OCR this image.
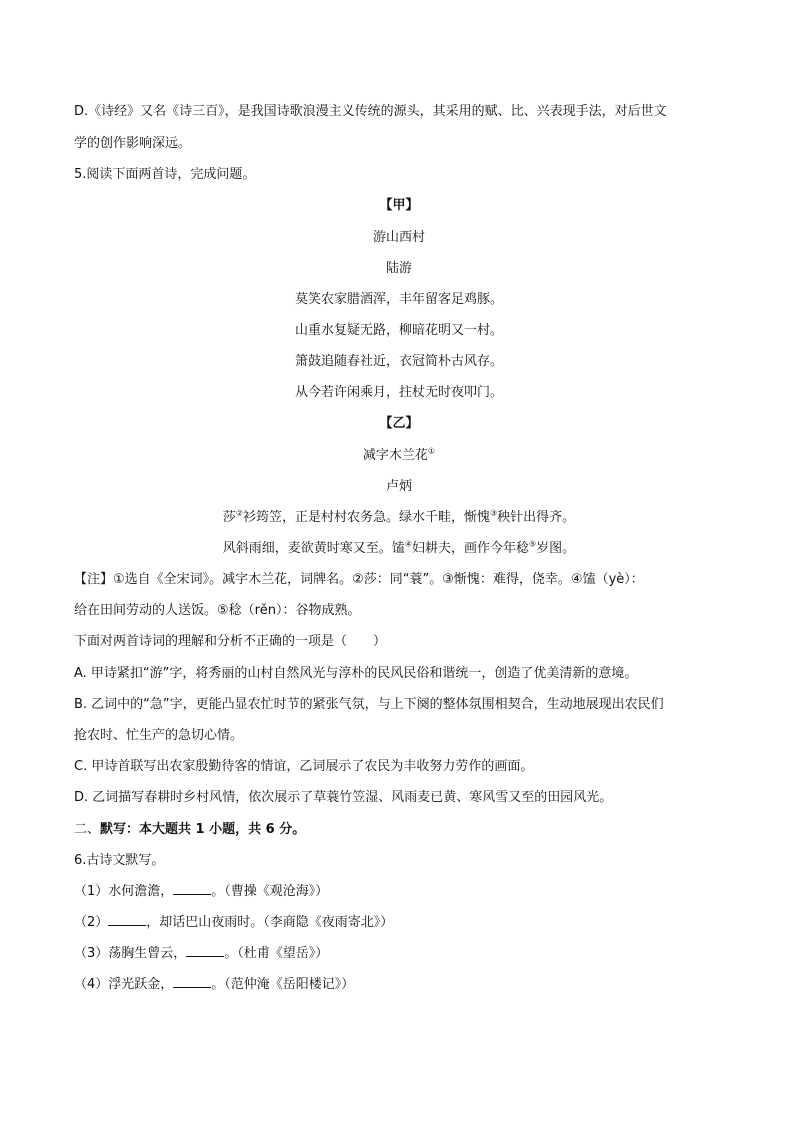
D.《诗经》又名《诗三百》，是我国诗歌浪漫主义传统的源头，其采用的赋、比、兴表现手法，对后世文
学的创作影响深远。
5.阅读下面两首诗，完成问题。
【甲】
游山西村
陆游
莫笑农家腊酒浑，丰年留客足鸡豚。
山重水复疑无路，柳暗花明又一村。
箫鼓追随春社近，衣冠简朴古风存。
从今若许闲乘月，拄杖无时夜叩门。
【乙】
减字木兰花①
卢炳
莎②衫筠笠，正是村村农务急。绿水千畦，惭愧③秧针出得齐。
风斜雨细，麦欲黄时寒又至。馌④妇耕夫，画作今年稔⑤岁图。
【注】①选自《全宋词》。减字木兰花，词牌名。②莎：同“蓑”。③惭愧：难得，侥幸。④馌（yè）：
给在田间劳动的人送饭。⑤稔（rěn）：谷物成熟。
下面对两首诗词的理解和分析不正确的一项是（　　）
A. 甲诗紧扣“游”字，将秀丽的山村自然风光与淳朴的民风民俗和谐统一，创造了优美清新的意境。
B. 乙词中的“急”字，更能凸显农忙时节的紧张气氛，与上下阕的整体氛围相契合，生动地展现出农民们
抢农时、忙生产的急切心情。
C. 甲诗首联写出农家殷勤待客的情谊，乙词展示了农民为丰收努力劳作的画面。
D. 乙词描写春耕时乡村风情，依次展示了草蓑竹笠湿、风雨麦已黄、寒风雪又至的田园风光。
二、默写：本大题共 1 小题，共 6 分。
6.古诗文默写。
（1）水何澹澹，	。（曹操《观沧海》）
（2）	，却话巴山夜雨时。（李商隐《夜雨寄北》）
（3）荡胸生曾云，	。（杜甫《望岳》）
（4）浮光跃金，	。（范仲淹《岳阳楼记》）
